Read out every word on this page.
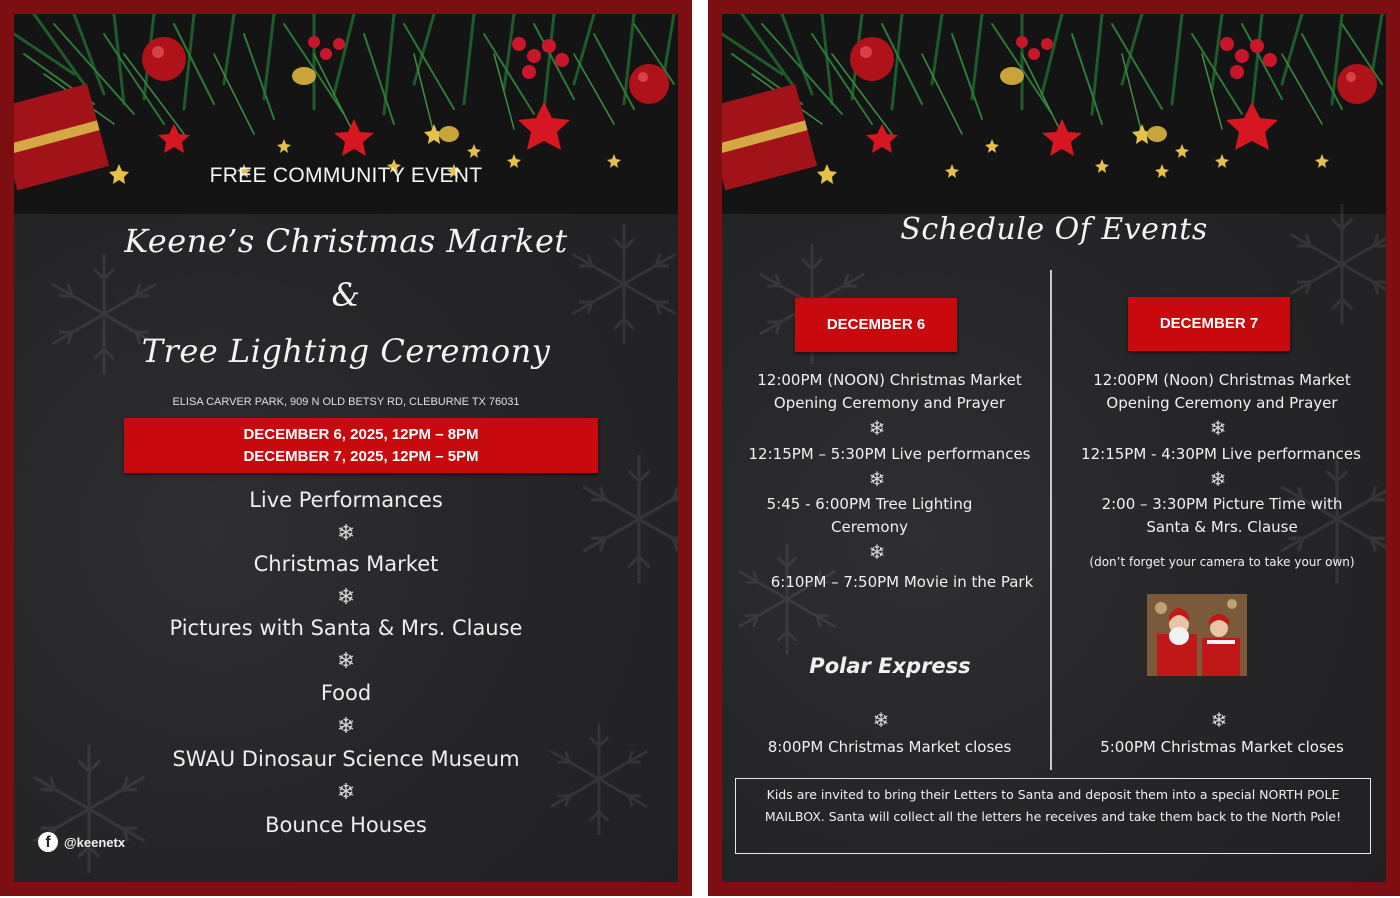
FREE COMMUNITY EVENT
Keene’s Christmas Market
&
Tree Lighting Ceremony
ELISA CARVER PARK, 909 N OLD BETSY RD, CLEBURNE TX 76031
DECEMBER 6, 2025, 12PM – 8PM
DECEMBER 7, 2025, 12PM – 5PM
Live Performances
❄
Christmas Market
❄
Pictures with Santa & Mrs. Clause
❄
Food
❄
SWAU Dinosaur Science Museum
❄
Bounce Houses
f	@keenetx
Schedule Of Events
DECEMBER 6
12:00PM (NOON) Christmas Market Opening Ceremony and Prayer
❄
12:15PM – 5:30PM Live performances
❄
5:45 - 6:00PM Tree Lighting Ceremony
❄
6:10PM – 7:50PM Movie in the Park
Polar Express
❄
8:00PM Christmas Market closes
DECEMBER 7
12:00PM (Noon) Christmas Market Opening Ceremony and Prayer
❄
12:15PM - 4:30PM Live performances
❄
2:00 – 3:30PM Picture Time with Santa & Mrs. Clause
(don’t forget your camera to take your own)
❄
5:00PM Christmas Market closes
Kids are invited to bring their Letters to Santa and deposit them into a special NORTH POLE MAILBOX. Santa will collect all the letters he receives and take them back to the North Pole!
